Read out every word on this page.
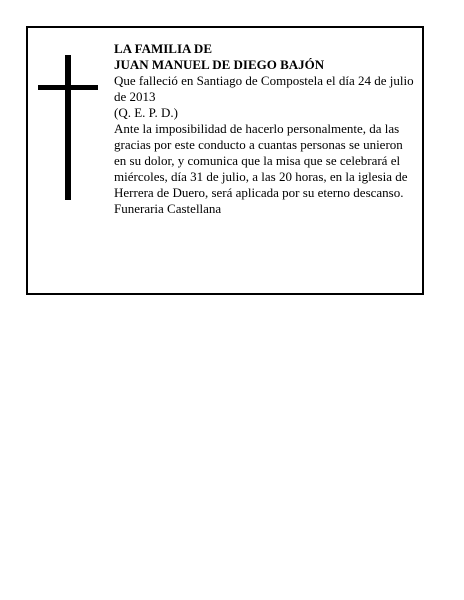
LA FAMILIA DE
JUAN MANUEL DE DIEGO BAJÓN
Que falleció en Santiago de Compostela el día 24 de julio de 2013
(Q. E. P. D.)
Ante la imposibilidad de hacerlo personalmente, da las gracias por este conducto a cuantas personas se unieron en su dolor, y comunica que la misa que se celebrará el miércoles, día 31 de julio, a las 20 horas, en la iglesia de Herrera de Duero, será aplicada por su eterno descanso.
Funeraria Castellana
